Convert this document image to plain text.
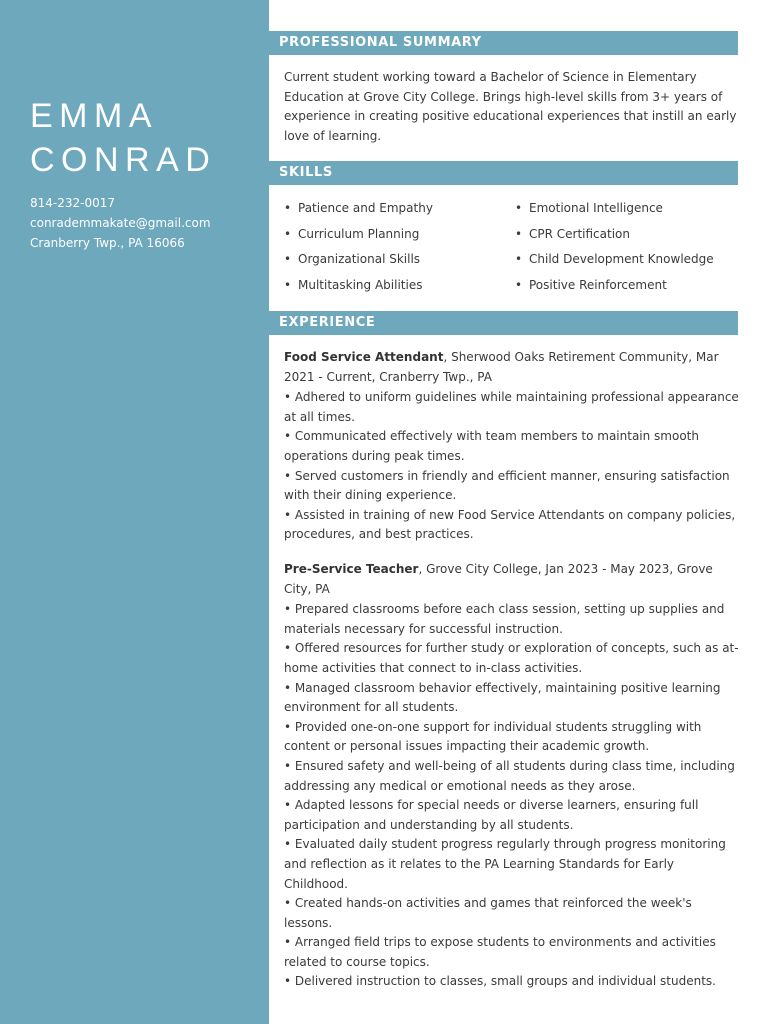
EMMA
CONRAD
814-232-0017
conrademmakate@gmail.com
Cranberry Twp., PA 16066
PROFESSIONAL SUMMARY
Current student working toward a Bachelor of Science in Elementary Education at Grove City College. Brings high-level skills from 3+ years of experience in creating positive educational experiences that instill an early love of learning.
SKILLS
• Patience and Empathy
• Curriculum Planning
• Organizational Skills
• Multitasking Abilities
• Emotional Intelligence
• CPR Certification
• Child Development Knowledge
• Positive Reinforcement
EXPERIENCE

Food Service Attendant, Sherwood Oaks Retirement Community, Mar 2021 - Current, Cranberry Twp., PA

• Adhered to uniform guidelines while maintaining professional appearance at all times.

• Communicated effectively with team members to maintain smooth operations during peak times.

• Served customers in friendly and efficient manner, ensuring satisfaction with their dining experience.

• Assisted in training of new Food Service Attendants on company policies, procedures, and best practices.

Pre-Service Teacher, Grove City College, Jan 2023 - May 2023, Grove City, PA

• Prepared classrooms before each class session, setting up supplies and materials necessary for successful instruction.

• Offered resources for further study or exploration of concepts, such as at-home activities that connect to in-class activities.

• Managed classroom behavior effectively, maintaining positive learning environment for all students.

• Provided one-on-one support for individual students struggling with content or personal issues impacting their academic growth.

• Ensured safety and well-being of all students during class time, including addressing any medical or emotional needs as they arose.

• Adapted lessons for special needs or diverse learners, ensuring full participation and understanding by all students.

• Evaluated daily student progress regularly through progress monitoring and reflection as it relates to the PA Learning Standards for Early Childhood.

• Created hands-on activities and games that reinforced the week's lessons.

• Arranged field trips to expose students to environments and activities related to course topics.

• Delivered instruction to classes, small groups and individual students.
